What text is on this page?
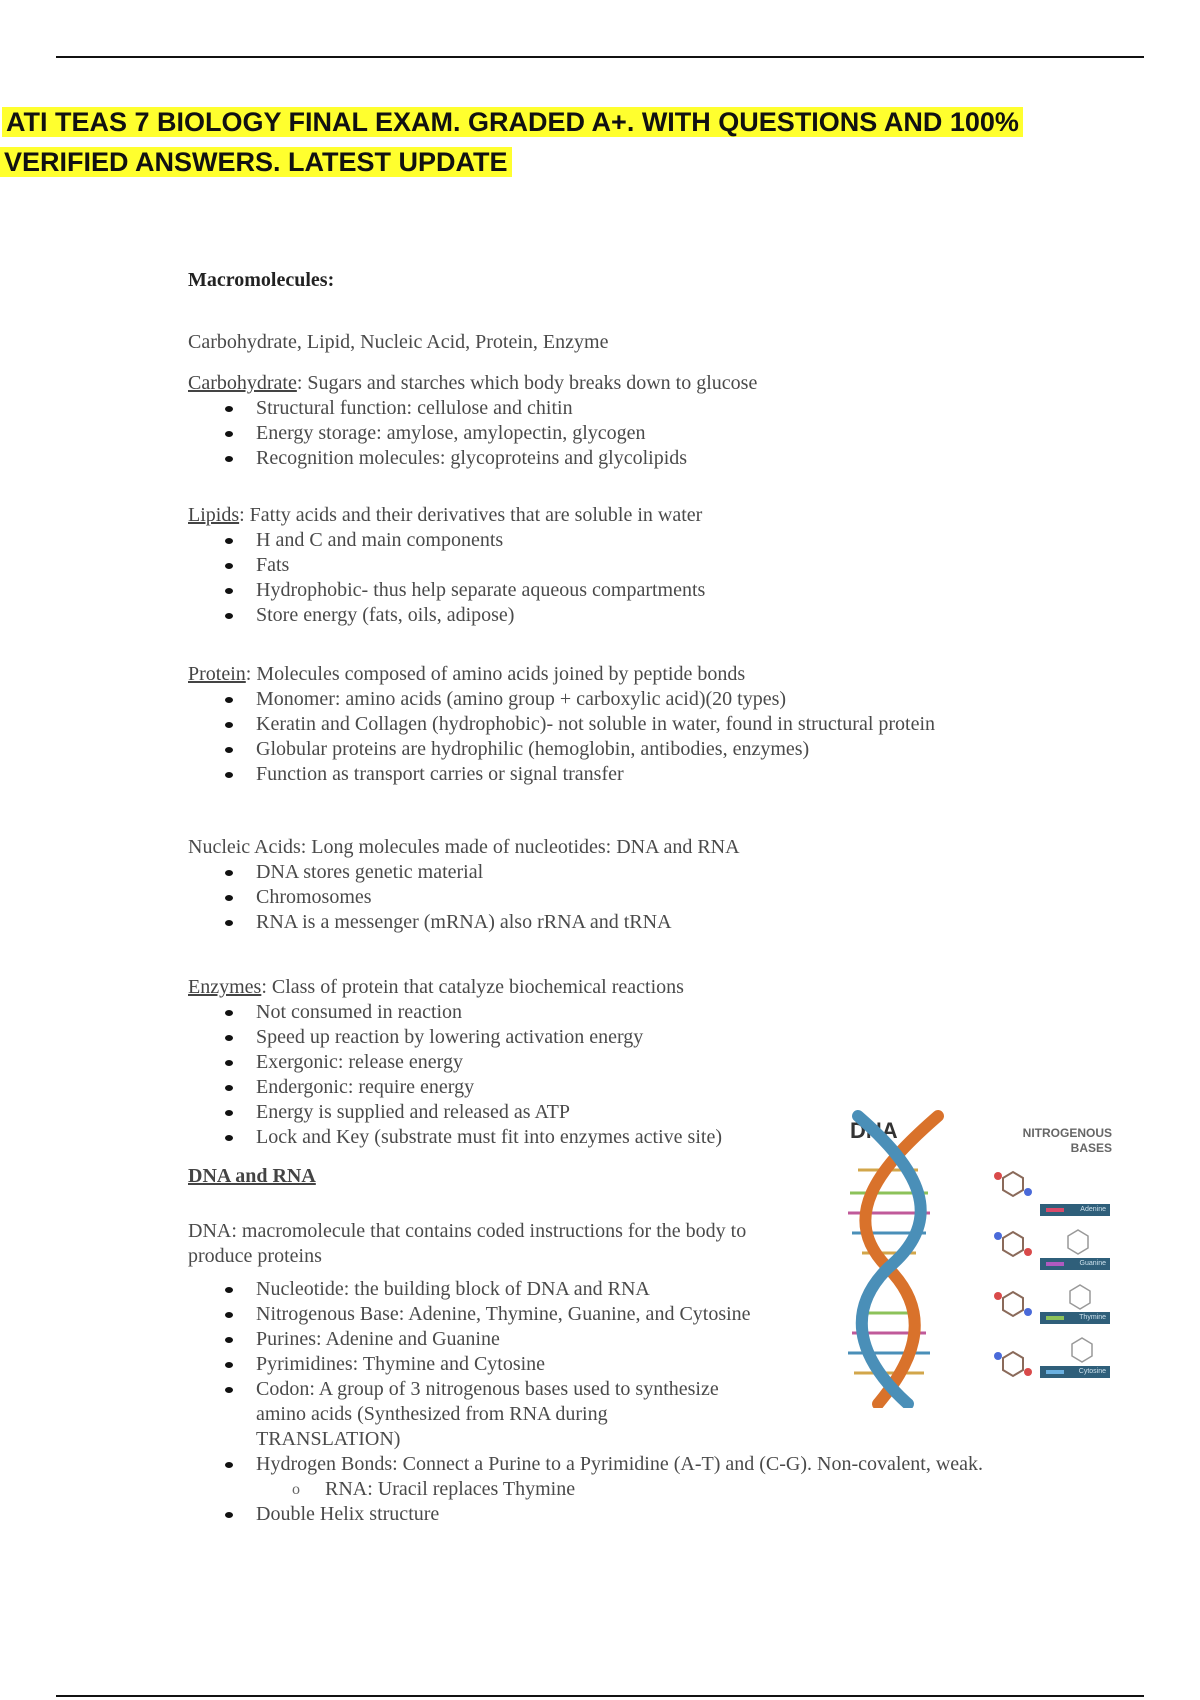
ATI TEAS 7 BIOLOGY FINAL EXAM. GRADED A+. WITH QUESTIONS AND 100%
VERIFIED ANSWERS. LATEST UPDATE
Macromolecules:

Carbohydrate, Lipid, Nucleic Acid, Protein, Enzyme

Carbohydrate: Sugars and starches which body breaks down to glucose

Structural function: cellulose and chitin
Energy storage: amylose, amylopectin, glycogen
Recognition molecules: glycoproteins and glycolipids

Lipids: Fatty acids and their derivatives that are soluble in water

H and C and main components
Fats
Hydrophobic- thus help separate aqueous compartments
Store energy (fats, oils, adipose)

Protein: Molecules composed of amino acids joined by peptide bonds

Monomer: amino acids (amino group + carboxylic acid)(20 types)
Keratin and Collagen (hydrophobic)- not soluble in water, found in structural protein
Globular proteins are hydrophilic (hemoglobin, antibodies, enzymes)
Function as transport carries or signal transfer

Nucleic Acids: Long molecules made of nucleotides: DNA and RNA

DNA stores genetic material
Chromosomes
RNA is a messenger (mRNA) also rRNA and tRNA

Enzymes: Class of protein that catalyze biochemical reactions

Not consumed in reaction
Speed up reaction by lowering activation energy
Exergonic: release energy
Endergonic: require energy
Energy is supplied and released as ATP
Lock and Key (substrate must fit into enzymes active site)
DNA and RNA

DNA: macromolecule that contains coded instructions for the body to produce proteins

Nucleotide: the building block of DNA and RNA
Nitrogenous Base: Adenine, Thymine, Guanine, and Cytosine
Purines: Adenine and Guanine
Pyrimidines: Thymine and Cytosine
Codon: A group of 3 nitrogenous bases used to synthesize amino acids (Synthesized from RNA during TRANSLATION)
Hydrogen Bonds: Connect a Purine to a Pyrimidine (A-T) and (C-G). Non-covalent, weak.
o RNA: Uracil replaces Thymine
Double Helix structure
DNA	NITROGENOUS BASES
Adenine
Guanine
Thymine
Cytosine
